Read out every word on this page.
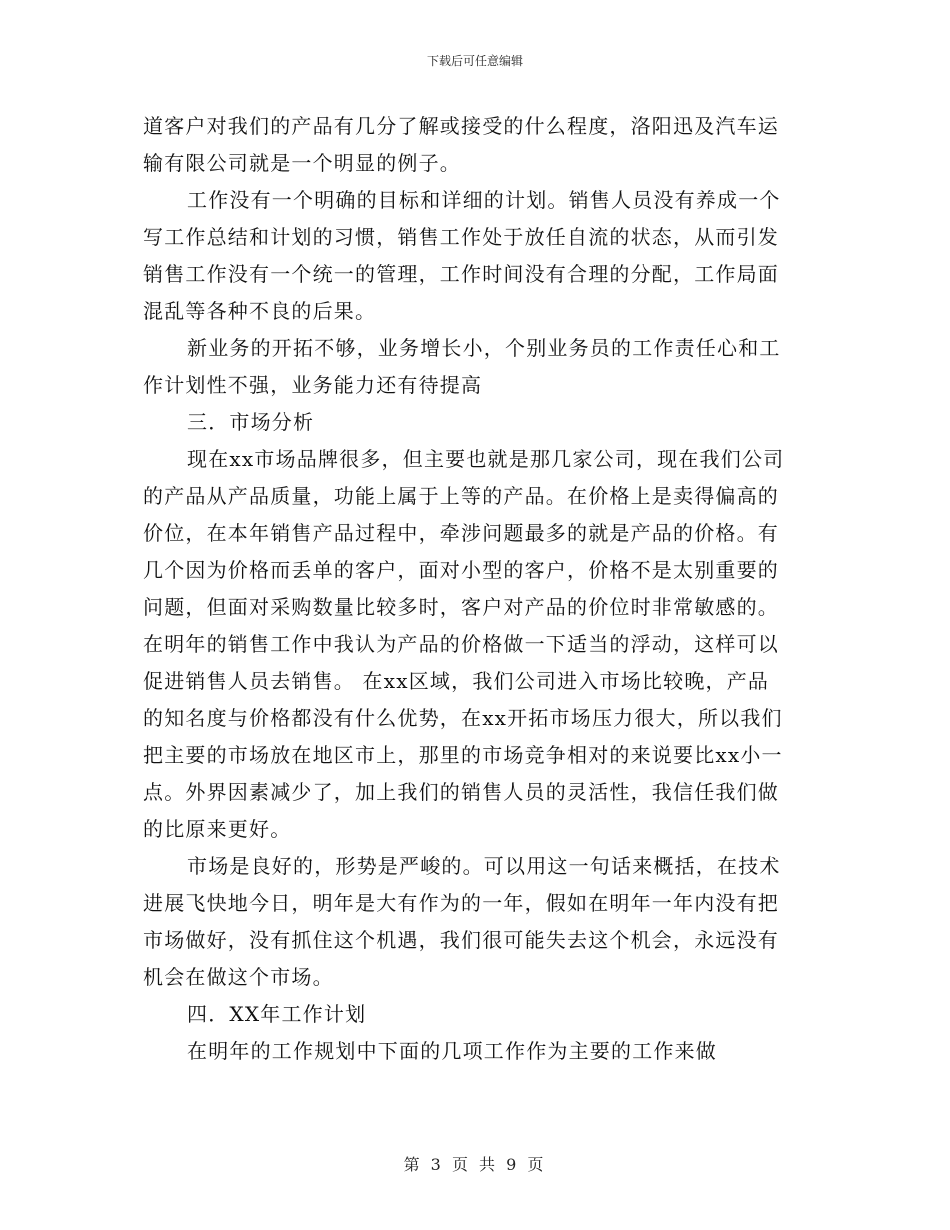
下载后可任意编辑

道客户对我们的产品有几分了解或接受的什么程度，洛阳迅及汽车运

输有限公司就是一个明显的例子。

工作没有一个明确的目标和详细的计划。销售人员没有养成一个

写工作总结和计划的习惯，销售工作处于放任自流的状态，从而引发

销售工作没有一个统一的管理，工作时间没有合理的分配，工作局面

混乱等各种不良的后果。

新业务的开拓不够，业务增长小，个别业务员的工作责任心和工

作计划性不强，业务能力还有待提高

三．市场分析

现在xx市场品牌很多，但主要也就是那几家公司，现在我们公司

的产品从产品质量，功能上属于上等的产品。在价格上是卖得偏高的

价位，在本年销售产品过程中，牵涉问题最多的就是产品的价格。有

几个因为价格而丢单的客户，面对小型的客户，价格不是太别重要的

问题，但面对采购数量比较多时，客户对产品的价位时非常敏感的。

在明年的销售工作中我认为产品的价格做一下适当的浮动，这样可以

促进销售人员去销售。 在xx区域，我们公司进入市场比较晚，产品

的知名度与价格都没有什么优势，在xx开拓市场压力很大，所以我们

把主要的市场放在地区市上，那里的市场竞争相对的来说要比xx小一

点。外界因素减少了，加上我们的销售人员的灵活性，我信任我们做

的比原来更好。

市场是良好的，形势是严峻的。可以用这一句话来概括，在技术

进展飞快地今日，明年是大有作为的一年，假如在明年一年内没有把

市场做好，没有抓住这个机遇，我们很可能失去这个机会，永远没有

机会在做这个市场。

四．XX年工作计划

在明年的工作规划中下面的几项工作作为主要的工作来做

第 3 页 共 9 页
